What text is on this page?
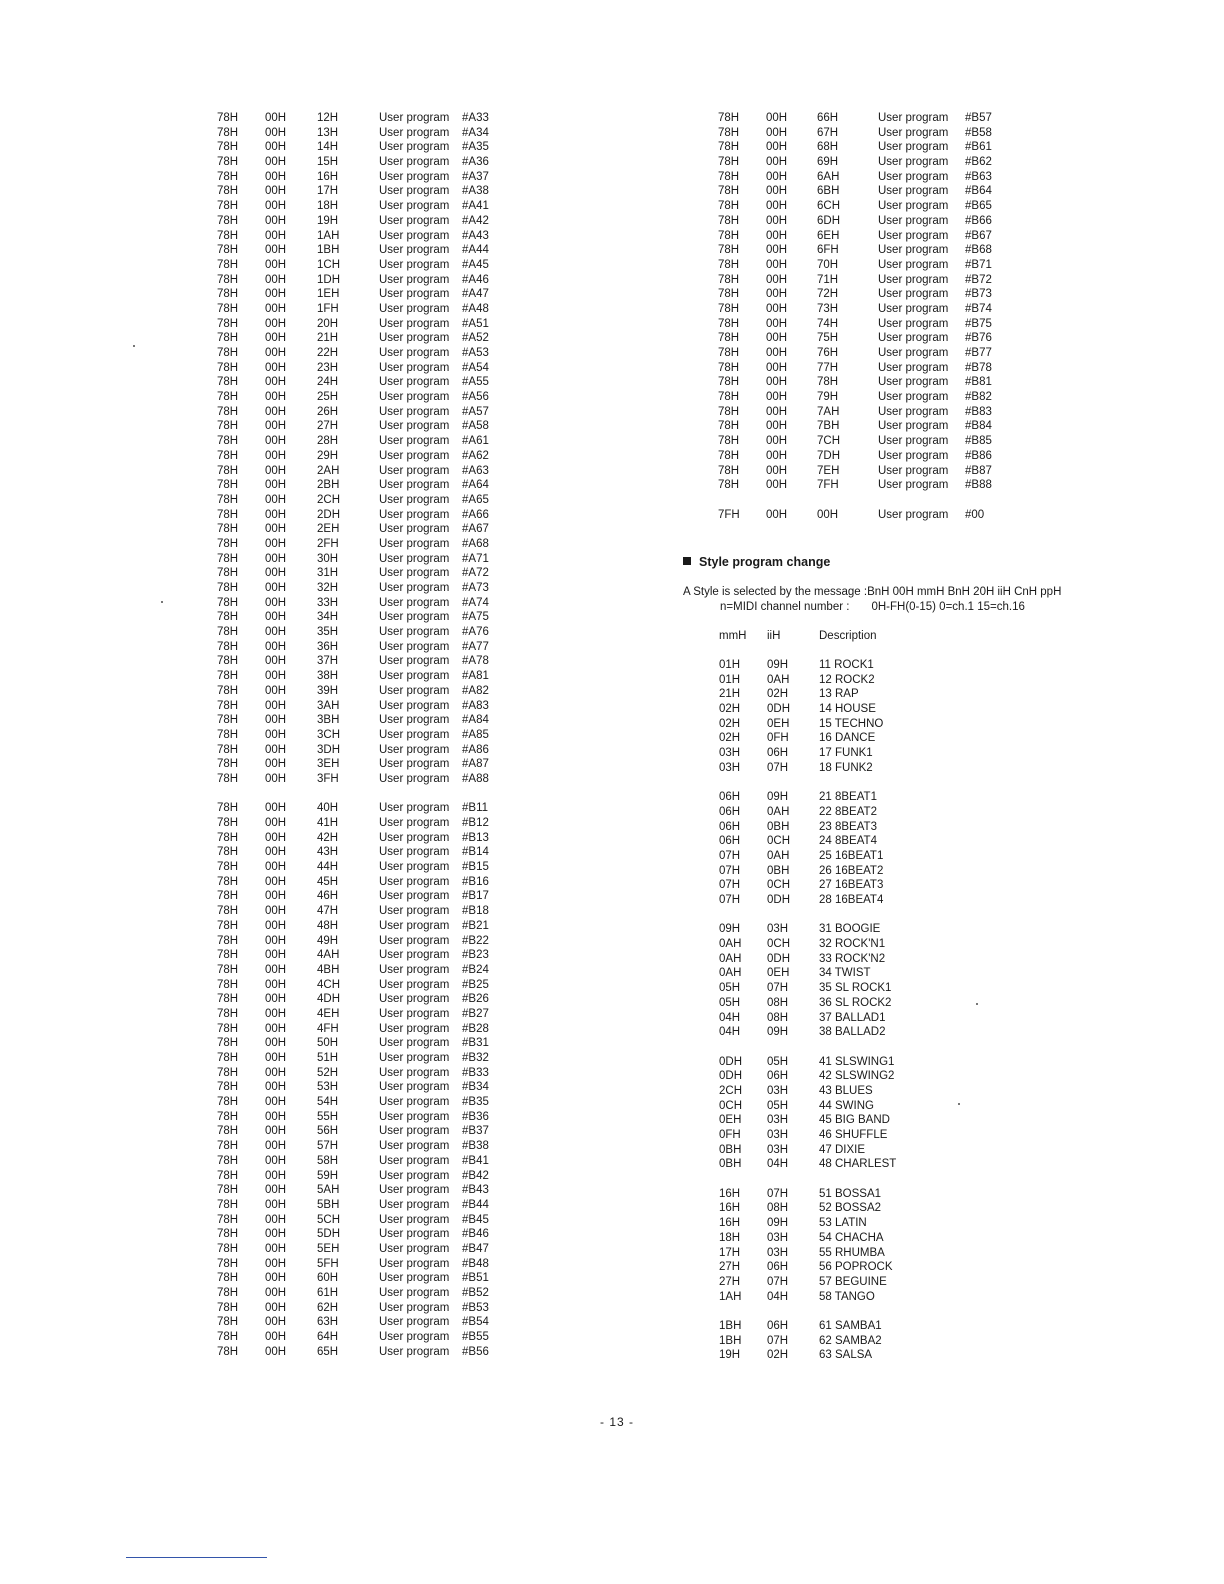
78H 00H	12H	User program #A33
78H 00H	13H	User program #A34
78H 00H	14H	User program #A35
78H 00H	15H	User program #A36
78H 00H	16H	User program #A37
78H 00H	17H	User program #A38
78H 00H	18H	User program #A41
78H 00H	19H	User program #A42
78H 00H	1AH	User program #A43
78H 00H	1BH	User program #A44
78H 00H	1CH	User program #A45
78H 00H	1DH	User program #A46
78H 00H	1EH	User program #A47
78H 00H	1FH	User program #A48
78H 00H	20H	User program #A51
78H 00H	21H	User program #A52
78H 00H	22H	User program #A53
78H 00H	23H	User program #A54
78H 00H	24H	User program #A55
78H 00H	25H	User program #A56
78H 00H	26H	User program #A57
78H 00H	27H	User program #A58
78H 00H	28H	User program #A61
78H 00H	29H	User program #A62
78H 00H	2AH	User program #A63
78H 00H	2BH	User program #A64
78H 00H	2CH	User program #A65
78H 00H	2DH	User program #A66
78H 00H	2EH	User program #A67
78H 00H	2FH	User program #A68
78H 00H	30H	User program #A71
78H 00H	31H	User program #A72
78H 00H	32H	User program #A73
78H 00H	33H	User program #A74
78H 00H	34H	User program #A75
78H 00H	35H	User program #A76
78H 00H	36H	User program #A77
78H 00H	37H	User program #A78
78H 00H	38H	User program #A81
78H 00H	39H	User program #A82
78H 00H	3AH	User program #A83
78H 00H	3BH	User program #A84
78H 00H	3CH	User program #A85
78H 00H	3DH	User program #A86
78H 00H	3EH	User program #A87
78H 00H	3FH	User program #A88
78H 00H	40H	User program #B11
78H 00H	41H	User program #B12
78H 00H	42H	User program #B13
78H 00H	43H	User program #B14
78H 00H	44H	User program #B15
78H 00H	45H	User program #B16
78H 00H	46H	User program #B17
78H 00H	47H	User program #B18
78H 00H	48H	User program #B21
78H 00H	49H	User program #B22
78H 00H	4AH	User program #B23
78H 00H	4BH	User program #B24
78H 00H	4CH	User program #B25
78H 00H	4DH	User program #B26
78H 00H	4EH	User program #B27
78H 00H	4FH	User program #B28
78H 00H	50H	User program #B31
78H 00H	51H	User program #B32
78H 00H	52H	User program #B33
78H 00H	53H	User program #B34
78H 00H	54H	User program #B35
78H 00H	55H	User program #B36
78H 00H	56H	User program #B37
78H 00H	57H	User program #B38
78H 00H	58H	User program #B41
78H 00H	59H	User program #B42
78H 00H	5AH	User program #B43
78H 00H	5BH	User program #B44
78H 00H	5CH	User program #B45
78H 00H	5DH	User program #B46
78H 00H	5EH	User program #B47
78H 00H	5FH	User program #B48
78H 00H	60H	User program #B51
78H 00H	61H	User program #B52
78H 00H	62H	User program #B53
78H 00H	63H	User program #B54
78H 00H	64H	User program #B55
78H 00H	65H	User program #B56
78H 00H	66H	User program #B57
78H 00H	67H	User program #B58
78H 00H	68H	User program #B61
78H 00H	69H	User program #B62
78H 00H	6AH	User program #B63
78H 00H	6BH	User program #B64
78H 00H	6CH	User program #B65
78H 00H	6DH	User program #B66
78H 00H	6EH	User program #B67
78H 00H	6FH	User program #B68
78H 00H	70H	User program #B71
78H 00H	71H	User program #B72
78H 00H	72H	User program #B73
78H 00H	73H	User program #B74
78H 00H	74H	User program #B75
78H 00H	75H	User program #B76
78H 00H	76H	User program #B77
78H 00H	77H	User program #B78
78H 00H	78H	User program #B81
78H 00H	79H	User program #B82
78H 00H	7AH	User program #B83
78H 00H	7BH	User program #B84
78H 00H	7CH	User program #B85
78H 00H	7DH	User program #B86
78H 00H	7EH	User program #B87
78H 00H	7FH	User program #B88
7FH 00H	00H	User program #00
Style program change
A Style is selected by the message :BnH 00H mmH BnH 20H iiH CnH ppH
n=MIDI channel number : 0H-FH(0-15) 0=ch.1 15=ch.16
mmH iiH	Description
01H 09H	11 ROCK1
01H 0AH	12 ROCK2
21H 02H	13 RAP
02H 0DH	14 HOUSE
02H 0EH	15 TECHNO
02H 0FH	16 DANCE
03H 06H	17 FUNK1
03H 07H	18 FUNK2
06H 09H	21 8BEAT1
06H 0AH	22 8BEAT2
06H 0BH	23 8BEAT3
06H 0CH	24 8BEAT4
07H 0AH	25 16BEAT1
07H 0BH	26 16BEAT2
07H 0CH	27 16BEAT3
07H 0DH	28 16BEAT4
09H 03H	31 BOOGIE
0AH 0CH	32 ROCK'N1
0AH 0DH	33 ROCK'N2
0AH 0EH	34 TWIST
05H 07H	35 SL ROCK1
05H 08H	36 SL ROCK2
04H 08H	37 BALLAD1
04H 09H	38 BALLAD2
0DH 05H	41 SLSWING1
0DH 06H	42 SLSWING2
2CH 03H	43 BLUES
0CH 05H	44 SWING
0EH 03H	45 BIG BAND
0FH 03H	46 SHUFFLE
0BH 03H	47 DIXIE
0BH 04H	48 CHARLEST
16H 07H	51 BOSSA1
16H 08H	52 BOSSA2
16H 09H	53 LATIN
18H 03H	54 CHACHA
17H 03H	55 RHUMBA
27H 06H	56 POPROCK
27H 07H	57 BEGUINE
1AH 04H	58 TANGO
1BH 06H	61 SAMBA1
1BH 07H	62 SAMBA2
19H 02H	63 SALSA
- 13 -
